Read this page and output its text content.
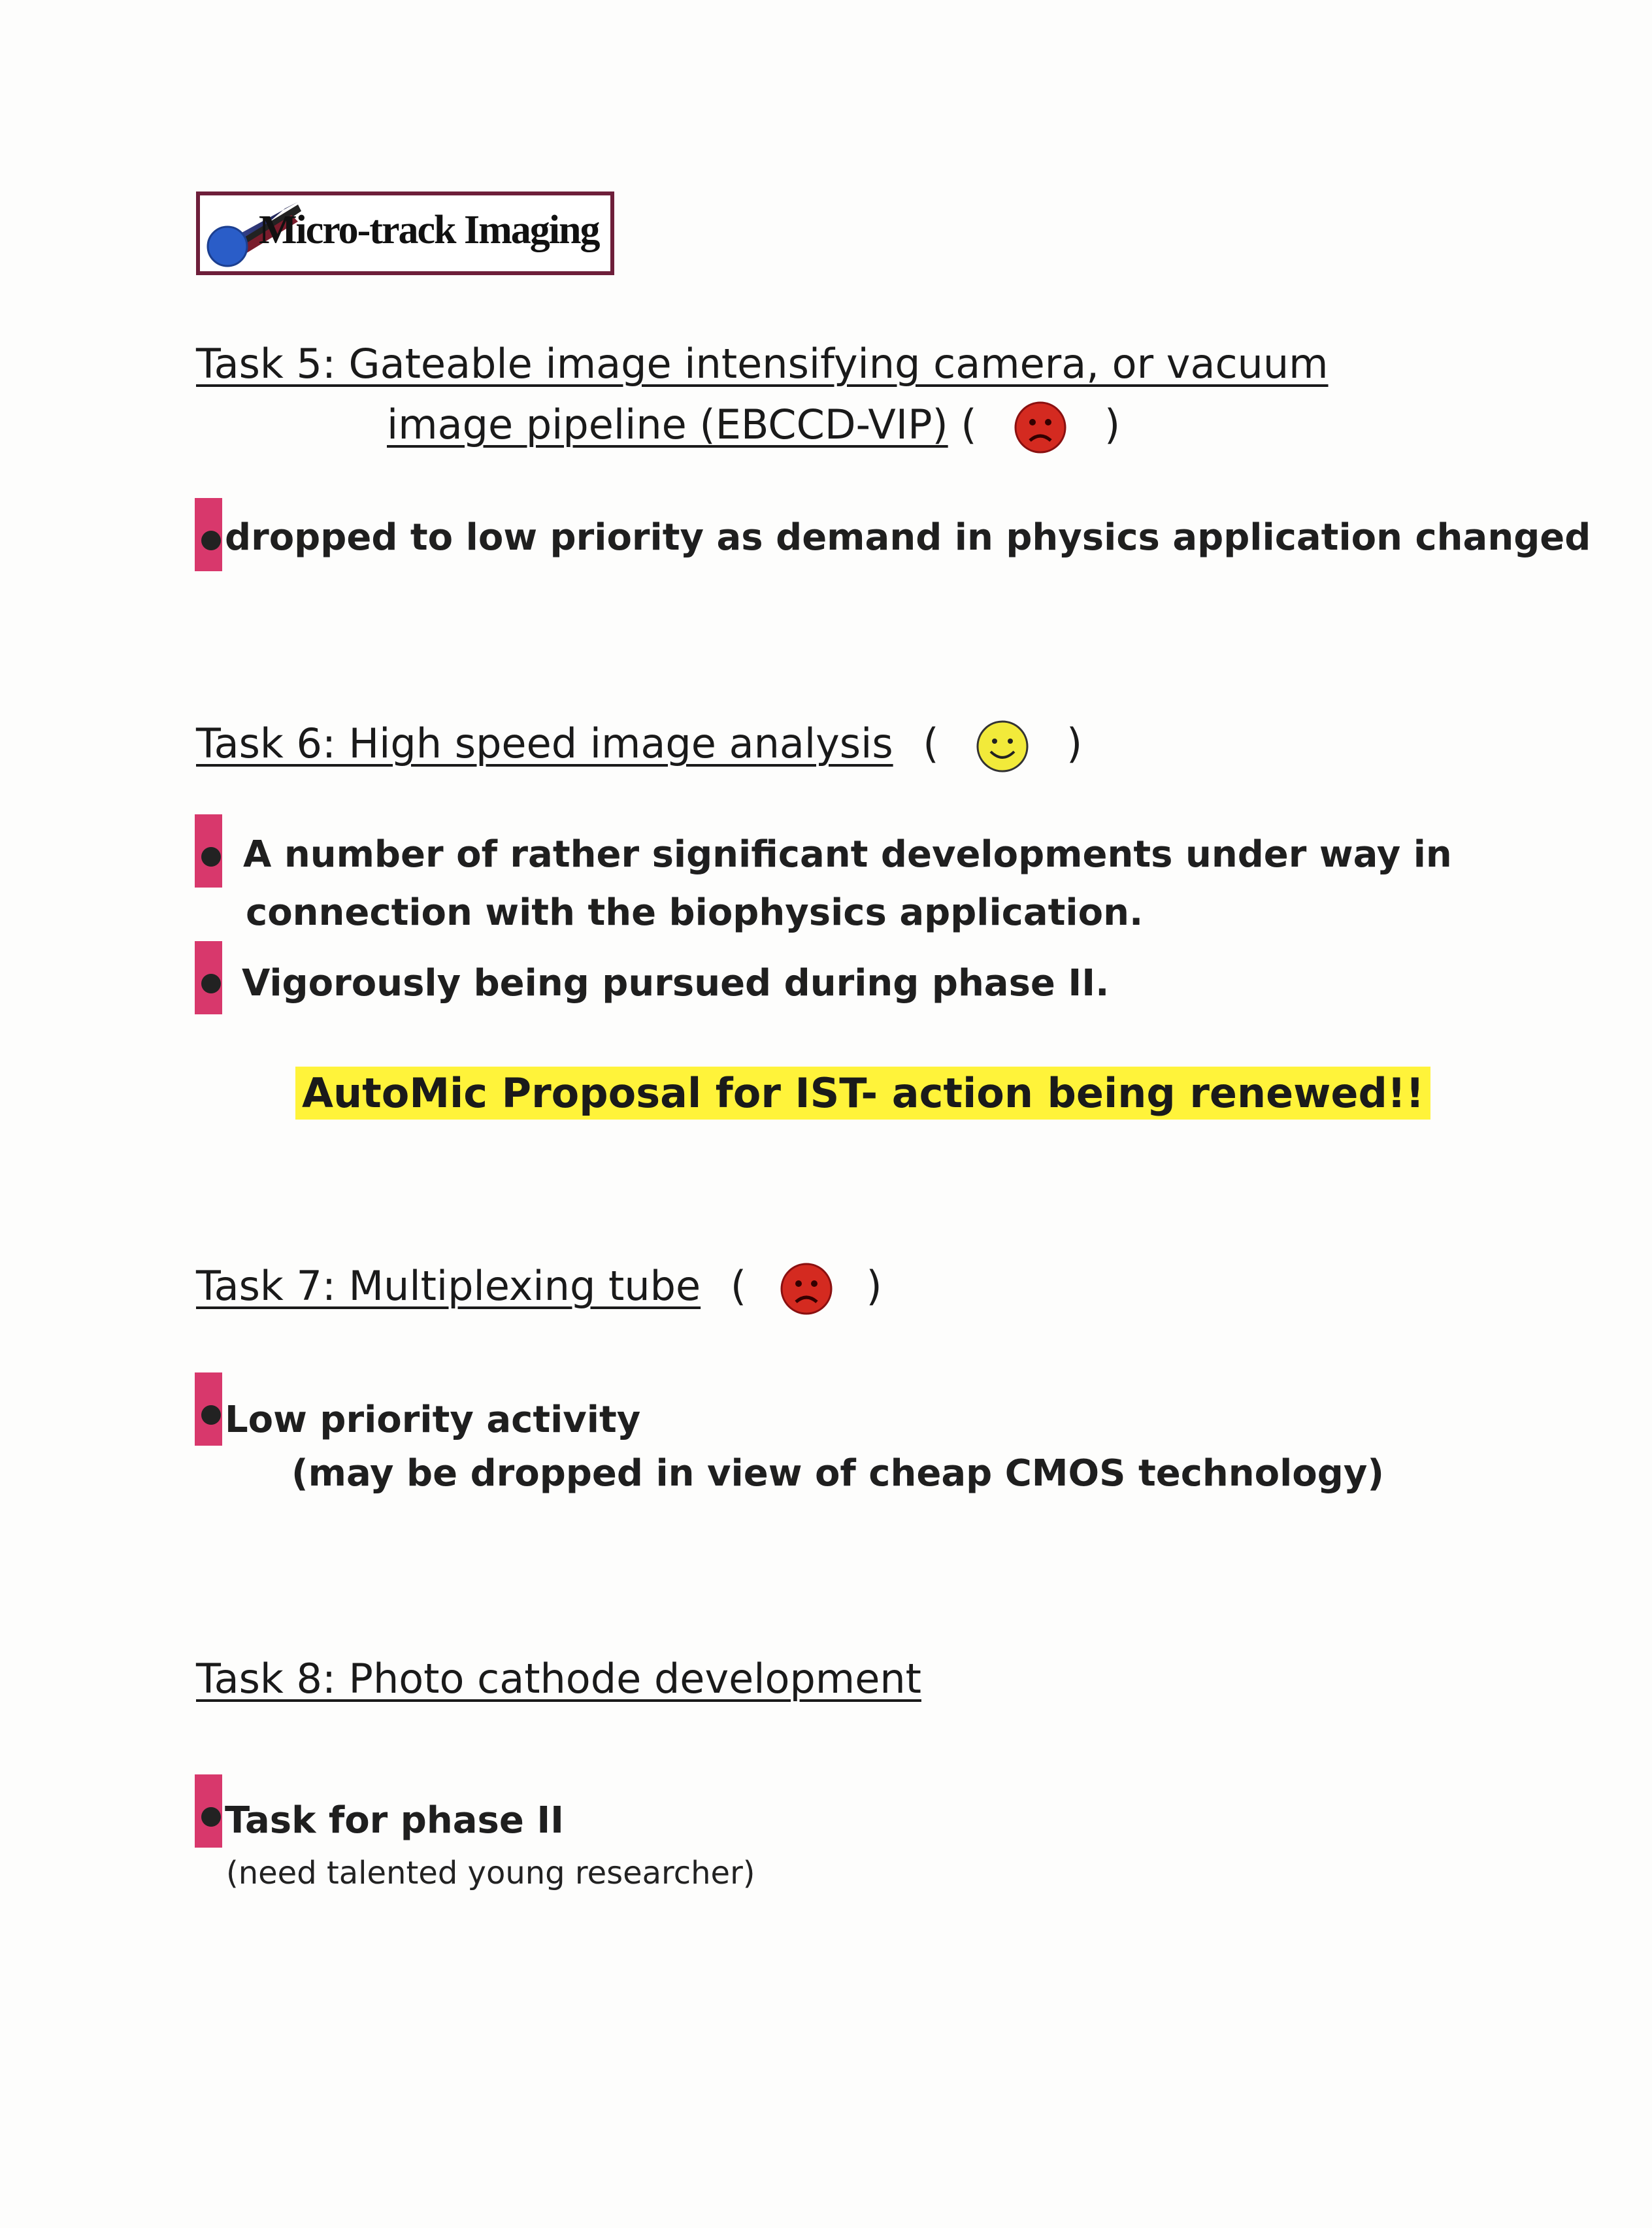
Micro-track Imaging
Task 5: Gateable image intensifying camera, or vacuum
image pipeline (EBCCD-VIP) (	)
dropped to low priority as demand in physics application changed
Task 6: High speed image analysis (	)
A number of rather significant developments under way in
connection with the biophysics application.
Vigorously being pursued during phase II.
AutoMic Proposal for IST- action being renewed!!
Task 7: Multiplexing tube (	)
Low priority activity
(may be dropped in view of cheap CMOS technology)
Task 8: Photo cathode development
Task for phase II
(need talented young researcher)
